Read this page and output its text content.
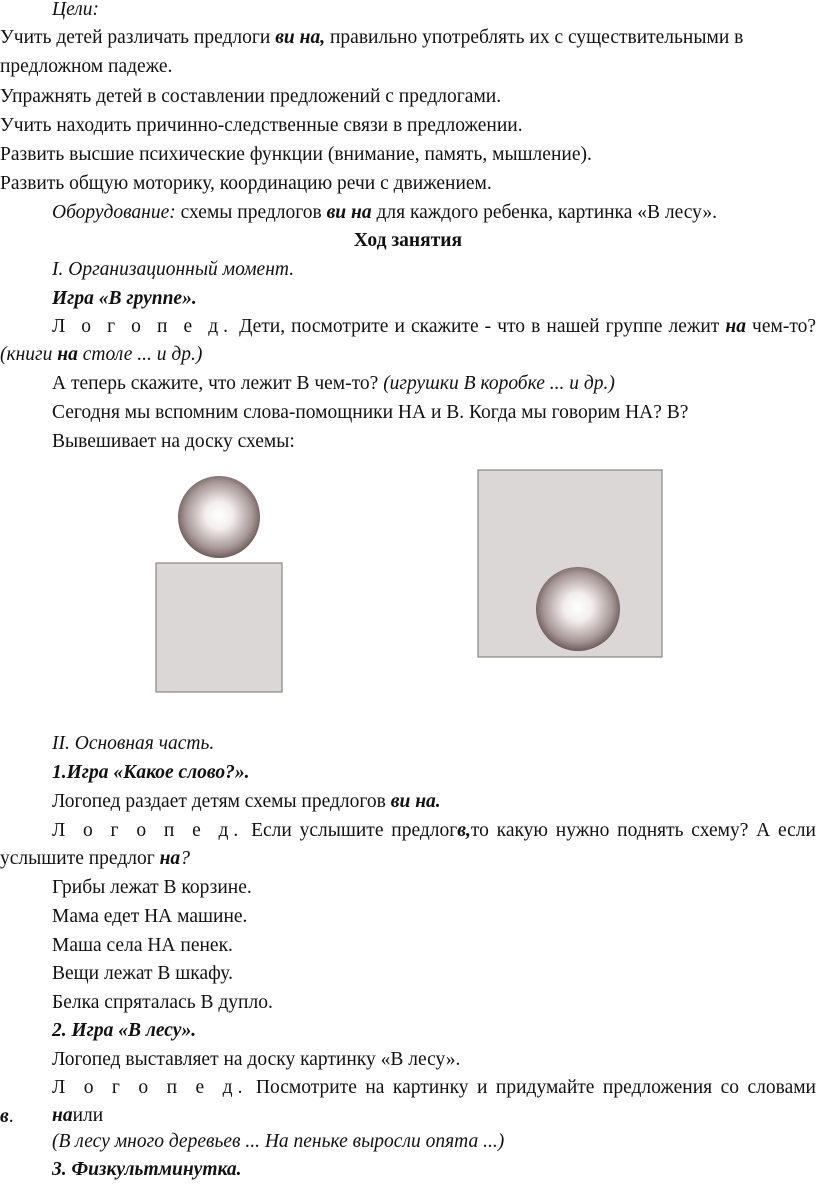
Цели:
Учить детей различать предлоги ви на, правильно употреблять их с существительными в
предложном падеже.
Упражнять детей в составлении предложений с предлогами.
Учить находить причинно-следственные связи в предложении.
Развить высшие психические функции (внимание, память, мышление).
Развить общую моторику, координацию речи с движением.
Оборудование: схемы предлогов ви на для каждого ребенка, картинка «В лесу».
Ход занятия
I. Организационный момент.
Игра «В группе».
Л о г о п е д. Дети, посмотрите и скажите - что в нашей группе лежит на чем-то?
(книги на столе ... и др.)
А теперь скажите, что лежит В чем-то? (игрушки В коробке ... и др.)
Сегодня мы вспомним слова-помощники НА и В. Когда мы говорим НА? В?
Вывешивает на доску схемы:
II. Основная часть.
1.Игра «Какое слово?».
Логопед раздает детям схемы предлогов ви на.
Л о г о п е д. Если услышите предлогв,то какую нужно поднять схему? А если
услышите предлог на?
Грибы лежат В корзине.
Мама едет НА машине.
Маша села НА пенек.
Вещи лежат В шкафу.
Белка спряталась В дупло.
2. Игра «В лесу».
Логопед выставляет на доску картинку «В лесу».
Л о г о п е д. Посмотрите на картинку и придумайте предложения со словами наили
в.
(В лесу много деревьев ... На пеньке выросли опята ...)
3. Физкультминутка.
